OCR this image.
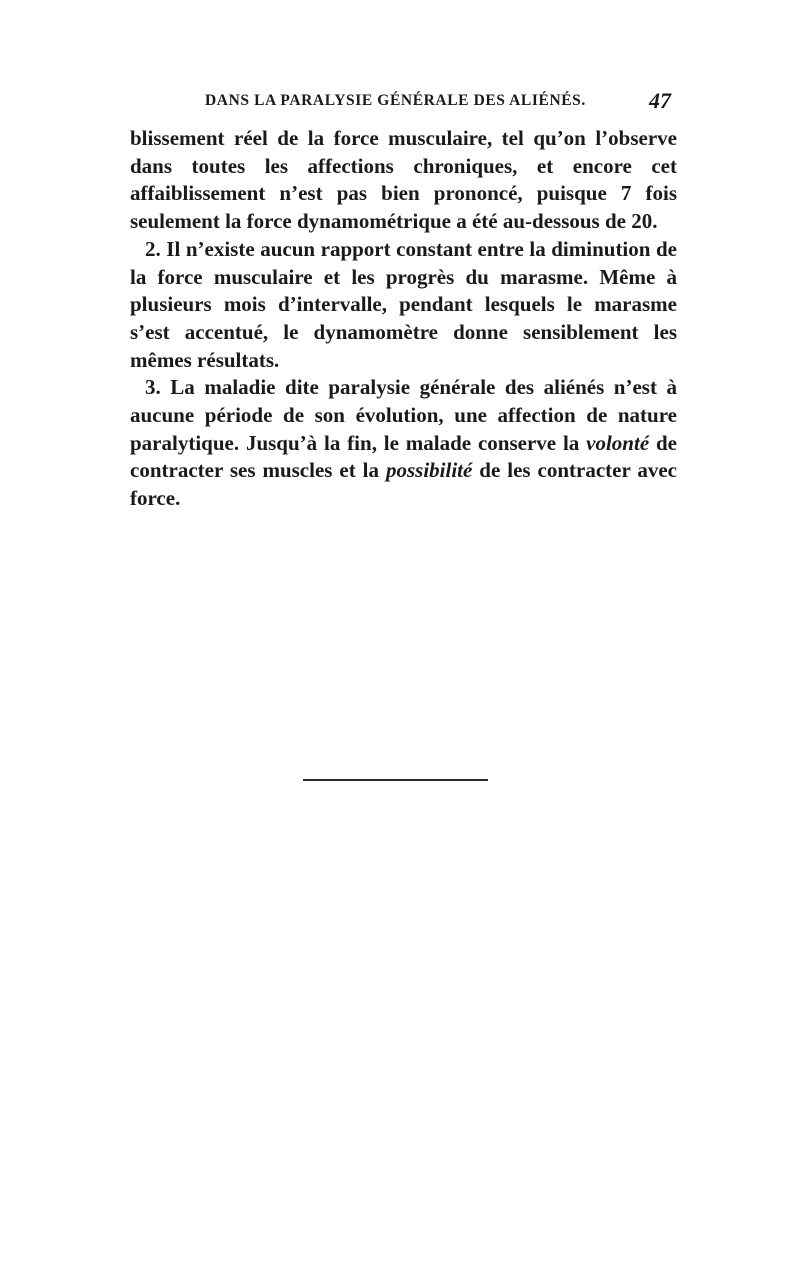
DANS LA PARALYSIE GÉNÉRALE DES ALIÉNÉS.	47

blissement réel de la force musculaire, tel qu’on l’observe dans toutes les affections chroniques, et encore cet affaiblissement n’est pas bien prononcé, puisque 7 fois seulement la force dynamométrique a été au-dessous de 20.

2. Il n’existe aucun rapport constant entre la diminution de la force musculaire et les progrès du marasme. Même à plusieurs mois d’intervalle, pendant lesquels le marasme s’est accentué, le dynamomètre donne sensiblement les mêmes résultats.

3. La maladie dite paralysie générale des aliénés n’est à aucune période de son évolution, une affection de nature paralytique. Jusqu’à la fin, le malade conserve la volonté de contracter ses muscles et la possibilité de les contracter avec force.
